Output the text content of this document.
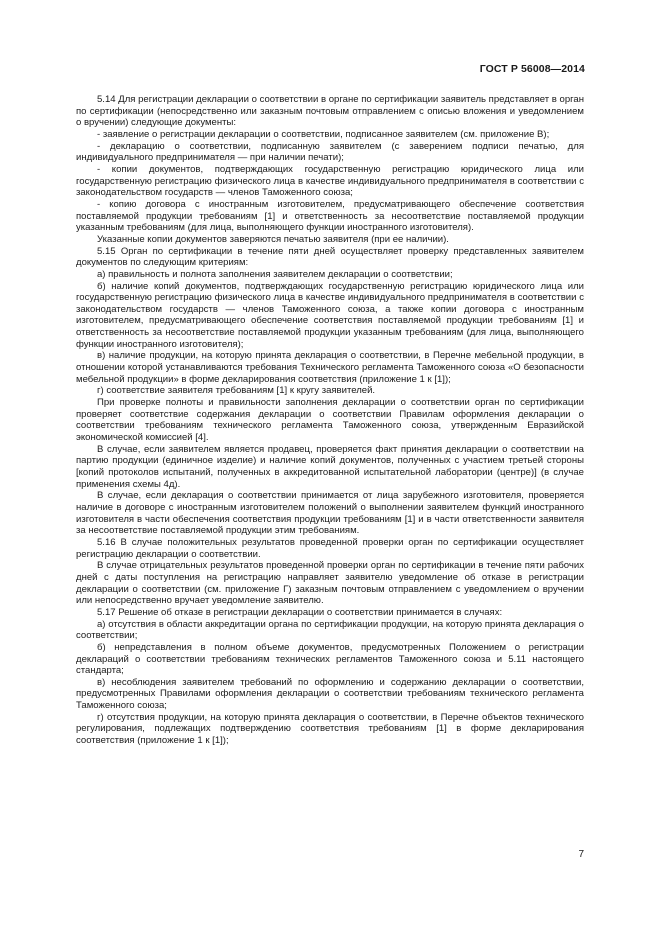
ГОСТ Р 56008—2014

5.14 Для регистрации декларации о соответствии в органе по сертификации заявитель представляет в орган по сертификации (непосредственно или заказным почтовым отправлением с описью вложения и уведомлением о вручении) следующие документы:

- заявление о регистрации декларации о соответствии, подписанное заявителем (см. приложение В);

- декларацию о соответствии, подписанную заявителем (с заверением подписи печатью, для индивидуального предпринимателя — при наличии печати);

- копии документов, подтверждающих государственную регистрацию юридического лица или государственную регистрацию физического лица в качестве индивидуального предпринимателя в соответствии с законодательством государств — членов Таможенного союза;

- копию договора с иностранным изготовителем, предусматривающего обеспечение соответствия поставляемой продукции требованиям [1] и ответственность за несоответствие поставляемой продукции указанным требованиям (для лица, выполняющего функции иностранного изготовителя).

Указанные копии документов заверяются печатью заявителя (при ее наличии).

5.15 Орган по сертификации в течение пяти дней осуществляет проверку представленных заявителем документов по следующим критериям:

а) правильность и полнота заполнения заявителем декларации о соответствии;

б) наличие копий документов, подтверждающих государственную регистрацию юридического лица или государственную регистрацию физического лица в качестве индивидуального предпринимателя в соответствии с законодательством государств — членов Таможенного союза, а также копии договора с иностранным изготовителем, предусматривающего обеспечение соответствия поставляемой продукции требованиям [1] и ответственность за несоответствие поставляемой продукции указанным требованиям (для лица, выполняющего функции иностранного изготовителя);

в) наличие продукции, на которую принята декларация о соответствии, в Перечне мебельной продукции, в отношении которой устанавливаются требования Технического регламента Таможенного союза «О безопасности мебельной продукции» в форме декларирования соответствия (приложение 1 к [1]);

г) соответствие заявителя требованиям [1] к кругу заявителей.

При проверке полноты и правильности заполнения декларации о соответствии орган по сертификации проверяет соответствие содержания декларации о соответствии Правилам оформления декларации о соответствии требованиям технического регламента Таможенного союза, утвержденным Евразийской экономической комиссией [4].

В случае, если заявителем является продавец, проверяется факт принятия декларации о соответствии на партию продукции (единичное изделие) и наличие копий документов, полученных с участием третьей стороны [копий протоколов испытаний, полученных в аккредитованной испытательной лаборатории (центре)] (в случае применения схемы 4д).

В случае, если декларация о соответствии принимается от лица зарубежного изготовителя, проверяется наличие в договоре с иностранным изготовителем положений о выполнении заявителем функций иностранного изготовителя в части обеспечения соответствия продукции требованиям [1] и в части ответственности заявителя за несоответствие поставляемой продукции этим требованиям.

5.16 В случае положительных результатов проведенной проверки орган по сертификации осуществляет регистрацию декларации о соответствии.

В случае отрицательных результатов проведенной проверки орган по сертификации в течение пяти рабочих дней с даты поступления на регистрацию направляет заявителю уведомление об отказе в регистрации декларации о соответствии (см. приложение Г) заказным почтовым отправлением с уведомлением о вручении или непосредственно вручает уведомление заявителю.

5.17 Решение об отказе в регистрации декларации о соответствии принимается в случаях:

а) отсутствия в области аккредитации органа по сертификации продукции, на которую принята декларация о соответствии;

б) непредставления в полном объеме документов, предусмотренных Положением о регистрации деклараций о соответствии требованиям технических регламентов Таможенного союза и 5.11 настоящего стандарта;

в) несоблюдения заявителем требований по оформлению и содержанию декларации о соответствии, предусмотренных Правилами оформления декларации о соответствии требованиям технического регламента Таможенного союза;

г) отсутствия продукции, на которую принята декларация о соответствии, в Перечне объектов технического регулирования, подлежащих подтверждению соответствия требованиям [1] в форме декларирования соответствия (приложение 1 к [1]);

7
